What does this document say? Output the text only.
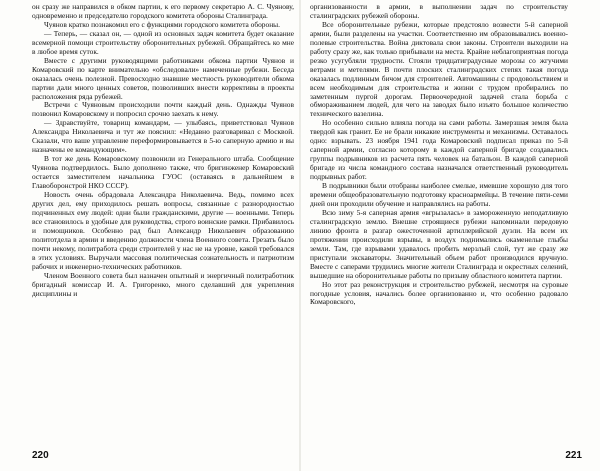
он сразу же направился в обком партии, к его первому секретарю А. С. Чуянову, одновременно и председателю городского комитета обороны Сталинграда.

Чуянов кратко познакомил его с функциями городского комитета обороны.

— Теперь, — сказал он, — одной из основных задач комитета будет оказание всемерной помощи строительству оборонительных рубежей. Обращайтесь ко мне в любое время суток.

Вместе с другими руководящими работниками обкома партии Чуянов и Комаровский по карте внимательно «обследовали» намеченные рубежи. Беседа оказалась очень полезной. Превосходно знавшие местность руководители обкома партии дали много ценных советов, позволивших внести коррективы в проекты расположения ряда рубежей.

Встречи с Чуяновым происходили почти каждый день. Однажды Чуянов позвонил Комаровскому и попросил срочно заехать к нему.

— Здравствуйте, товарищ командарм, — улыбаясь, приветствовал Чуянов Александра Николаевича и тут же пояснил: «Недавно разговаривал с Москвой. Сказали, что ваше управление переформировывается в 5-ю саперную армию и вы назначены ее командующим».

В тот же день Комаровскому позвонили из Генерального штаба. Сообщение Чуянова подтвердилось. Было дополнено также, что бригинженер Комаровский остается заместителем начальника ГУОС (оставаясь в дальнейшем в Главоборонстрой НКО СССР).

Новость очень обрадовала Александра Николаевича. Ведь, помимо всех других дел, ему приходилось решать вопросы, связанные с разнородностью подчиненных ему людей: одни были гражданскими, другие — военными. Теперь все становилось в удобные для руководства, строго воинские рамки. Прибавилось и помощников. Особенно рад был Александр Николаевич образованию политотдела в армии и введению должности члена Военного совета. Грезать было почти некому, политработа среди строителей у нас не на уровне, какой требовался в этих условиях. Выручали массовая политическая сознательность и патриотизм рабочих и инженерно-технических работников.

Членом Военного совета был назначен опытный и энергичный политработник бригадный комиссар И. А. Григоренко, много сделавший для укрепления дисциплины и

220

организованности в армии, в выполнении задач по строительству сталинградских рубежей обороны.

Все оборонительные рубежи, которые предстояло возвести 5-й саперной армии, были разделены на участки. Соответственно им образовывались военно-полевые строительства. Война диктовала свои законы. Строители выходили на работу сразу же, как только прибывали на места. Крайне неблагоприятная погода резко усугубляли трудности. Стояли тридцатиградусные морозы со жгучими ветрами и метелями. В почти плоских сталинградских степях такая погода оказалась подлинным бичом для строителей. Автомашины с продовольствием и всем необходимым для строительства и жизни с трудом пробирались по заметенным пургой дорогам. Первоочередной задачей стала борьба с обмораживанием людей, для чего на заводах было изъято большое количество технического вазелина.

Но особенно сильно влияла погода на сами работы. Замерзшая земля была твердой как гранит. Ее не брали никакие инструменты и механизмы. Оставалось одно: взрывать. 23 ноября 1941 года Комаровский подписал приказ по 5-й саперной армии, согласно которому в каждой саперной бригаде создавались группы подрывников из расчета пять человек на батальон. В каждой саперной бригаде из числа командного состава назначался ответственный руководитель подрывных работ.

В подрывники были отобраны наиболее смелые, имевшие хорошую для того времени общеобразовательную подготовку красноармейцы. В течение пяти-семи дней они проходили обучение и направлялись на работы.

Всю зиму 5-я саперная армия «вгрызалась» в замороженную неподатливую сталинградскую землю. Внешне строящиеся рубежи напоминали передовую линию фронта в разгар ожесточенной артиллерийской дуэли. На всем их протяжении происходили взрывы, в воздух поднимались окаменелые глыбы земли. Там, где взрывами удавалось пробить мерзлый слой, тут же сразу же приступали экскаваторы. Значительный объем работ производился вручную. Вместе с саперами трудились многие жители Сталинграда и окрестных селений, вышедшие на оборонительные работы по призыву областного комитета партии.

Но этот раз реконструкция и строительство рубежей, несмотря на суровые погодные условия, начались более организованно и, что особенно радовало Комаровского,

221
